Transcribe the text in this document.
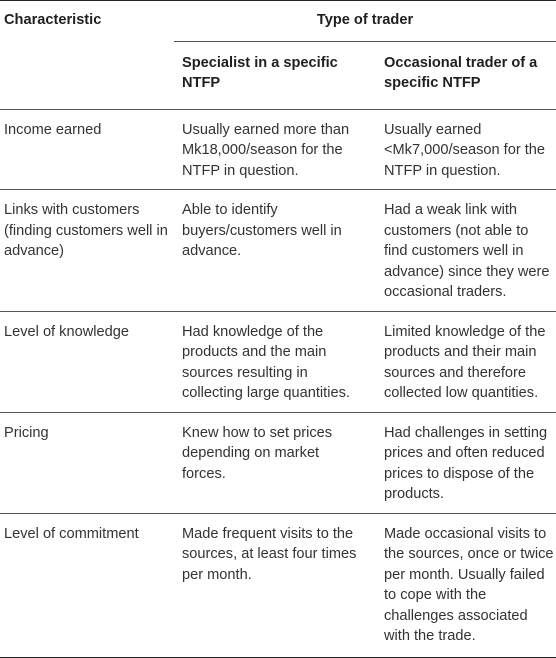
Characteristic	Type of trader	
	Specialist in a specific NTFP	Occasional trader of a specific NTFP
Income earned	Usually earned more than Mk18,000/season for the NTFP in question.	Usually earned <Mk7,000/season for the NTFP in question.
Links with customers (finding customers well in advance)	Able to identify buyers/customers well in advance.	Had a weak link with customers (not able to find customers well in advance) since they were occasional traders.
Level of knowledge	Had knowledge of the products and the main sources resulting in collecting large quantities.	Limited knowledge of the products and their main sources and therefore collected low quantities.
Pricing	Knew how to set prices depending on market forces.	Had challenges in setting prices and often reduced prices to dispose of the products.
Level of commitment	Made frequent visits to the sources, at least four times per month.	Made occasional visits to the sources, once or twice per month. Usually failed to cope with the challenges associated with the trade.
